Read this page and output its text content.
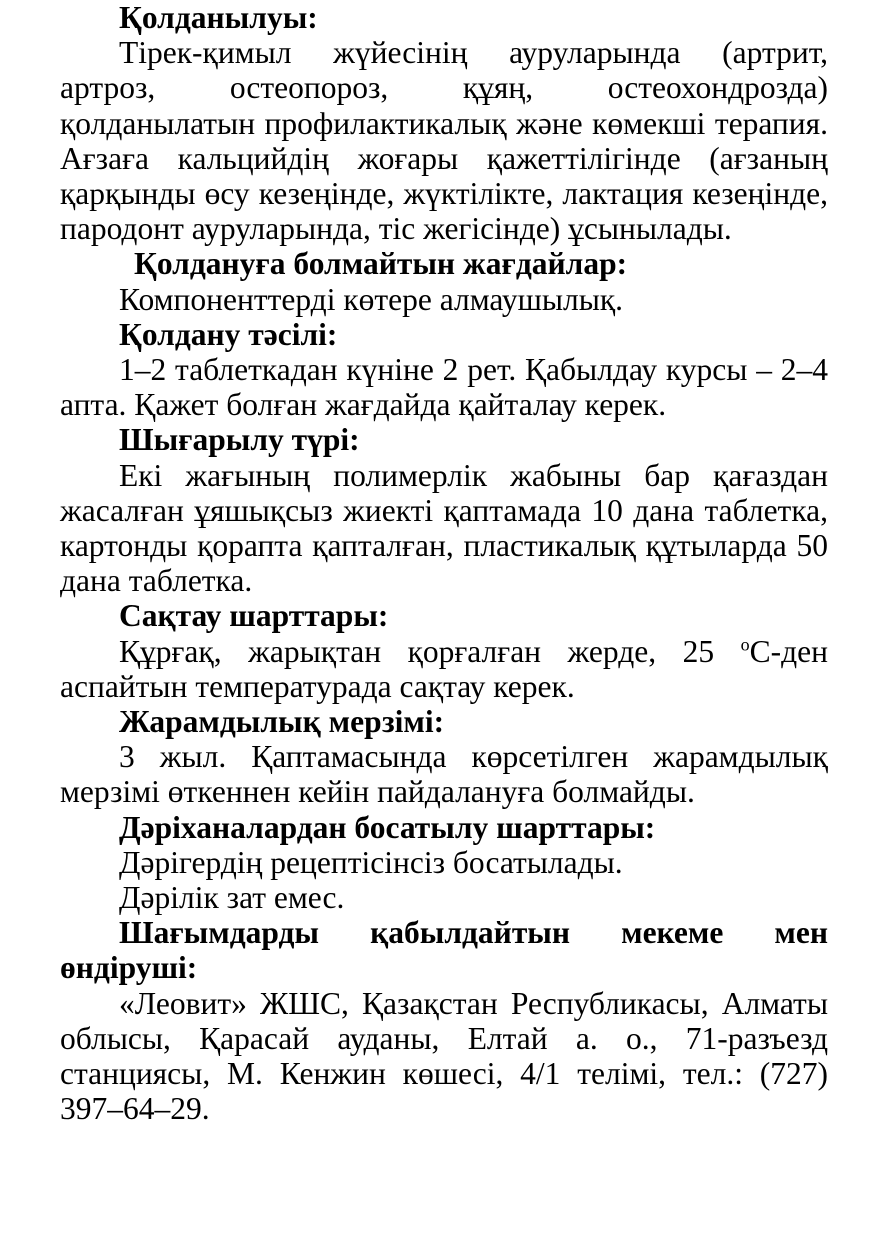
Қолданылуы:

Тірек-қимыл жүйесінің ауруларында (артрит, артроз, остеопороз, құяң, остеохондрозда) қолданылатын профилактикалық және көмекші терапия. Ағзаға кальцийдің жоғары қажеттілігінде (ағзаның қарқынды өсу кезеңінде, жүктілікте, лактация кезеңінде, пародонт ауруларында, тіс жегісінде) ұсынылады.

Қолдануға болмайтын жағдайлар:

Компоненттерді көтере алмаушылық.

Қолдану тәсілі:

1–2 таблеткадан күніне 2 рет. Қабылдау курсы – 2–4 апта. Қажет болған жағдайда қайталау керек.

Шығарылу түрі:

Екі жағының полимерлік жабыны бар қағаздан жасалған ұяшықсыз жиекті қаптамада 10 дана таблетка, картонды қорапта қапталған, пластикалық құтыларда 50 дана таблетка.

Сақтау шарттары:

Құрғақ, жарықтан қорғалған жерде, 25 $^o$С-ден аспайтын температурада сақтау керек.

Жарамдылық мерзімі:

3 жыл. Қаптамасында көрсетілген жарамдылық мерзімі өткеннен кейін пайдалануға болмайды.

Дәріханалардан босатылу шарттары:

Дәрігердің рецептісінсіз босатылады.

Дәрілік зат емес.

Шағымдарды қабылдайтын мекеме мен өндіруші:

«Леовит» ЖШС, Қазақстан Республикасы, Алматы облысы, Қарасай ауданы, Елтай а. о., 71-разъезд станциясы, М. Кенжин көшесі, 4/1 телімі, тел.: (727) 397–64–29.
